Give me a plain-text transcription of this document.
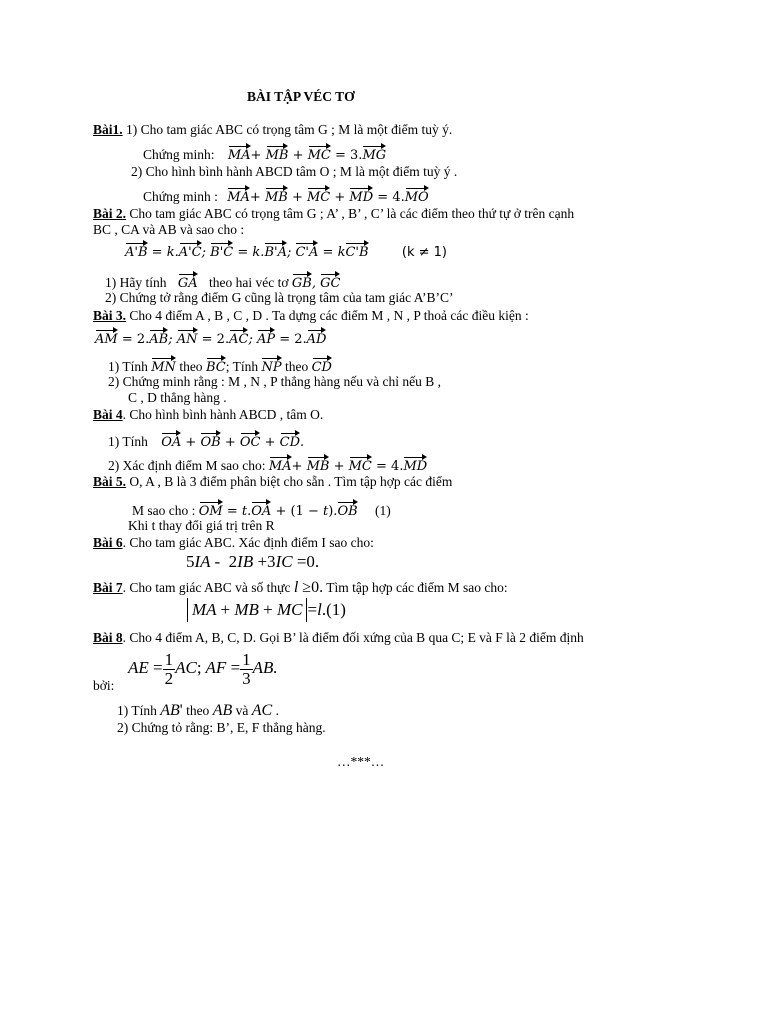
BÀI TẬP VÉC TƠ
Bài1. 1) Cho tam giác ABC có trọng tâm G ; M là một điểm tuỳ ý.
Chứng minh: MA+ MB + MC = 3.MG
2) Cho hình bình hành ABCD tâm O ; M là một điểm tuỳ ý .
Chứng minh : MA+ MB + MC + MD = 4.MO
Bài 2. Cho tam giác ABC có trọng tâm G ; A’ , B’ , C’ là các điểm theo thứ tự ở trên cạnh
BC , CA và AB và sao cho :
A'B = k.A'C; B'C = k.B'A; C'A = kC'B	(k ≠ 1)
1) Hãy tính GA theo hai véc tơ GB, GC
2) Chứng tở rằng điểm G cũng là trọng tâm của tam giác A’B’C’
Bài 3. Cho 4 điểm A , B , C , D . Ta dựng các điểm M , N , P thoả các điều kiện :
AM = 2.AB; AN = 2.AC; AP = 2.AD
1) Tính MN theo BC; Tính NP theo CD
2) Chứng minh rằng : M , N , P thẳng hàng nếu và chỉ nếu B ,
C , D thẳng hàng .
Bài 4. Cho hình bình hành ABCD , tâm O.
1) Tính OA + OB + OC + CD.
2) Xác định điểm M sao cho: MA+ MB + MC = 4.MD
Bài 5. O, A , B là 3 điểm phân biệt cho sẵn . Tìm tập hợp các điểm
M sao cho : OM = t.OA + (1 − t).OB (1)
Khi t thay đổi giá trị trên R
Bài 6. Cho tam giác ABC. Xác định điểm I sao cho:
5IA -  2IB +3IC =0.
Bài 7. Cho tam giác ABC và số thực l ≥0. Tìm tập hợp các điểm M sao cho:
MA + MB + MC =l.(1)
Bài 8. Cho 4 điểm A, B, C, D. Gọi B’ là điểm đối xứng của B qua C; E và F là 2 điểm định
bởi:
AE = $\frac{1}{2}$ AC; AF = $\frac{1}{3}$ AB.
1) Tính AB' theo AB và AC .
2) Chứng tỏ rằng: B’, E, F thẳng hàng.
…***…
